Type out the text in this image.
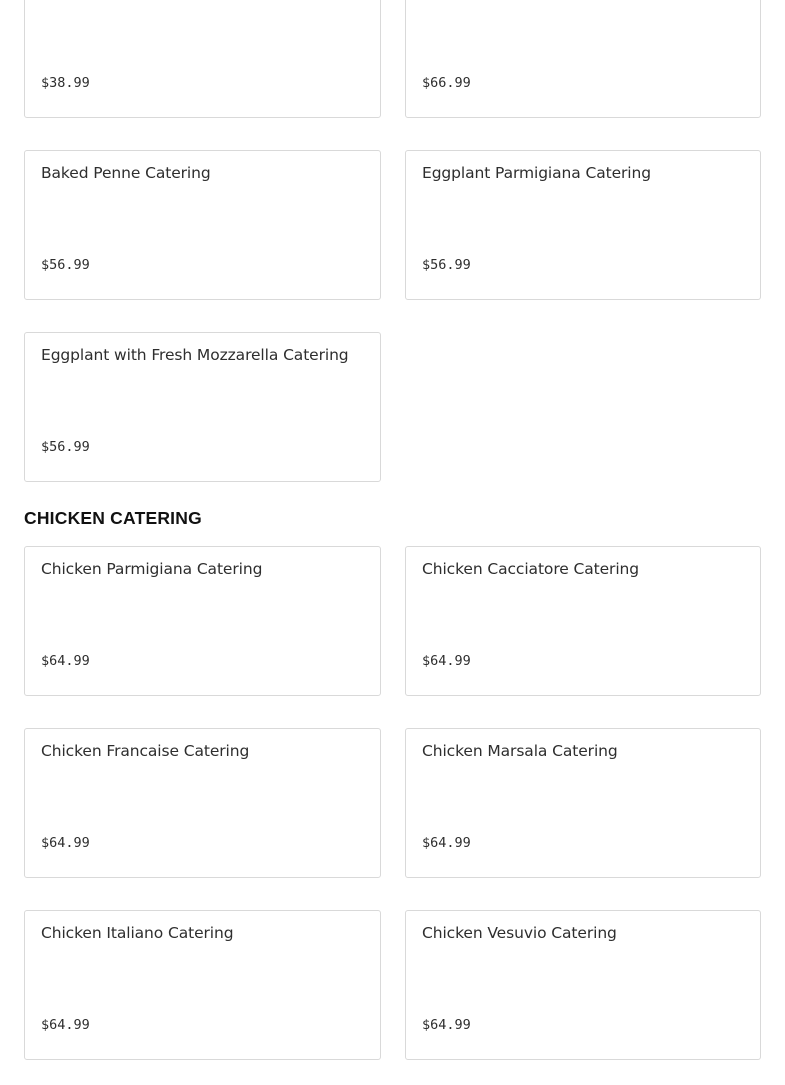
$38.99	$66.99
Baked Penne Catering
$56.99
Eggplant Parmigiana Catering
$56.99
Eggplant with Fresh Mozzarella Catering
$56.99
CHICKEN CATERING
Chicken Parmigiana Catering
$64.99
Chicken Cacciatore Catering
$64.99
Chicken Francaise Catering
$64.99
Chicken Marsala Catering
$64.99
Chicken Italiano Catering
$64.99
Chicken Vesuvio Catering
$64.99
